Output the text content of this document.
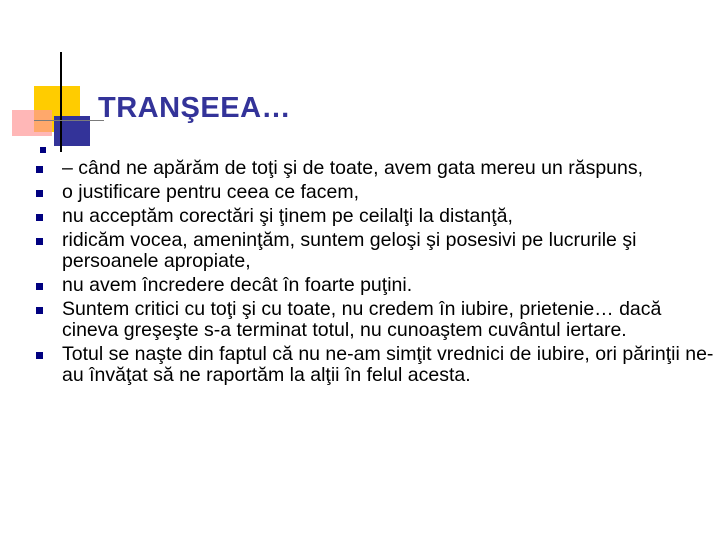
TRANŞEEA…
– când ne apărăm de toţi şi de toate, avem gata mereu un răspuns,
o justificare pentru ceea ce facem,
nu acceptăm corectări şi ţinem pe ceilalţi la distanţă,
ridicăm vocea, ameninţăm, suntem geloşi şi posesivi pe lucrurile şi persoanele apropiate,
nu avem încredere decât în foarte puţini.
Suntem critici cu toţi şi cu toate, nu credem în iubire, prietenie… dacă cineva greşeşte s-a terminat totul, nu cunoaştem cuvântul iertare.
Totul se naşte din faptul că nu ne-am simţit vrednici de iubire, ori părinţii ne-au învăţat să ne raportăm la alţii în felul acesta.
